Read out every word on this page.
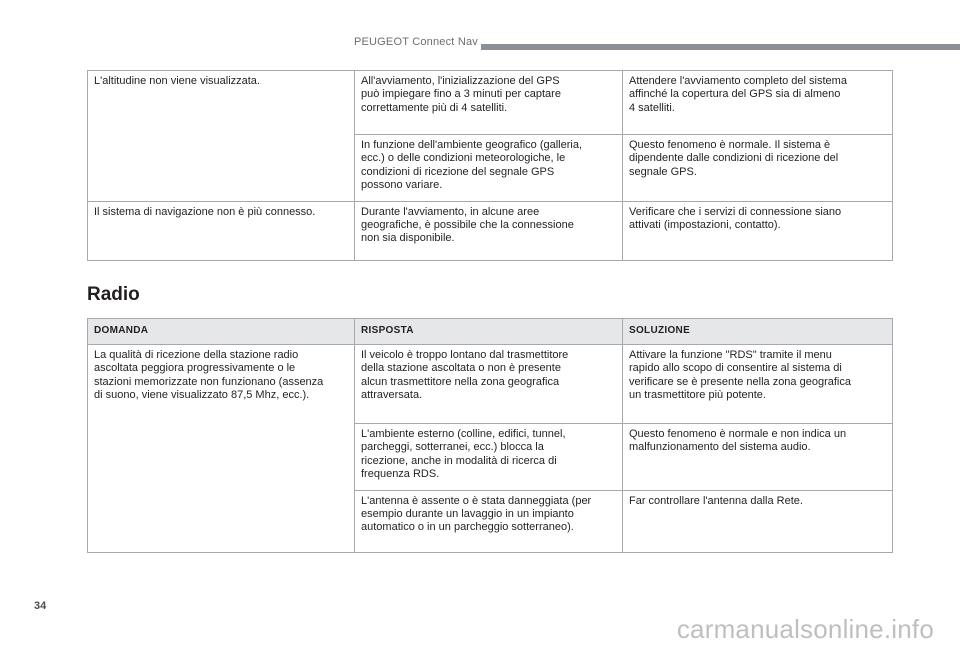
PEUGEOT Connect Nav
L'altitudine non viene visualizzata.	All'avviamento, l'inizializzazione del GPS
può impiegare fino a 3 minuti per captare
correttamente più di 4 satelliti.	Attendere l'avviamento completo del sistema
affinché la copertura del GPS sia di almeno
4 satelliti.
	In funzione dell'ambiente geografico (galleria,
ecc.) o delle condizioni meteorologiche, le
condizioni di ricezione del segnale GPS
possono variare.	Questo fenomeno è normale. Il sistema è
dipendente dalle condizioni di ricezione del
segnale GPS.
Il sistema di navigazione non è più connesso.	Durante l'avviamento, in alcune aree
geografiche, è possibile che la connessione
non sia disponibile.	Verificare che i servizi di connessione siano
attivati (impostazioni, contatto).
Radio
DOMANDA	RISPOSTA	SOLUZIONE
La qualità di ricezione della stazione radio
ascoltata peggiora progressivamente o le
stazioni memorizzate non funzionano (assenza
di suono, viene visualizzato 87,5 Mhz, ecc.).	Il veicolo è troppo lontano dal trasmettitore
della stazione ascoltata o non è presente
alcun trasmettitore nella zona geografica
attraversata.	Attivare la funzione "RDS" tramite il menu
rapido allo scopo di consentire al sistema di
verificare se è presente nella zona geografica
un trasmettitore più potente.
	L'ambiente esterno (colline, edifici, tunnel,
parcheggi, sotterranei, ecc.) blocca la
ricezione, anche in modalità di ricerca di
frequenza RDS.	Questo fenomeno è normale e non indica un
malfunzionamento del sistema audio.
	L'antenna è assente o è stata danneggiata (per
esempio durante un lavaggio in un impianto
automatico o in un parcheggio sotterraneo).	Far controllare l'antenna dalla Rete.
34
carmanualsonline.info
